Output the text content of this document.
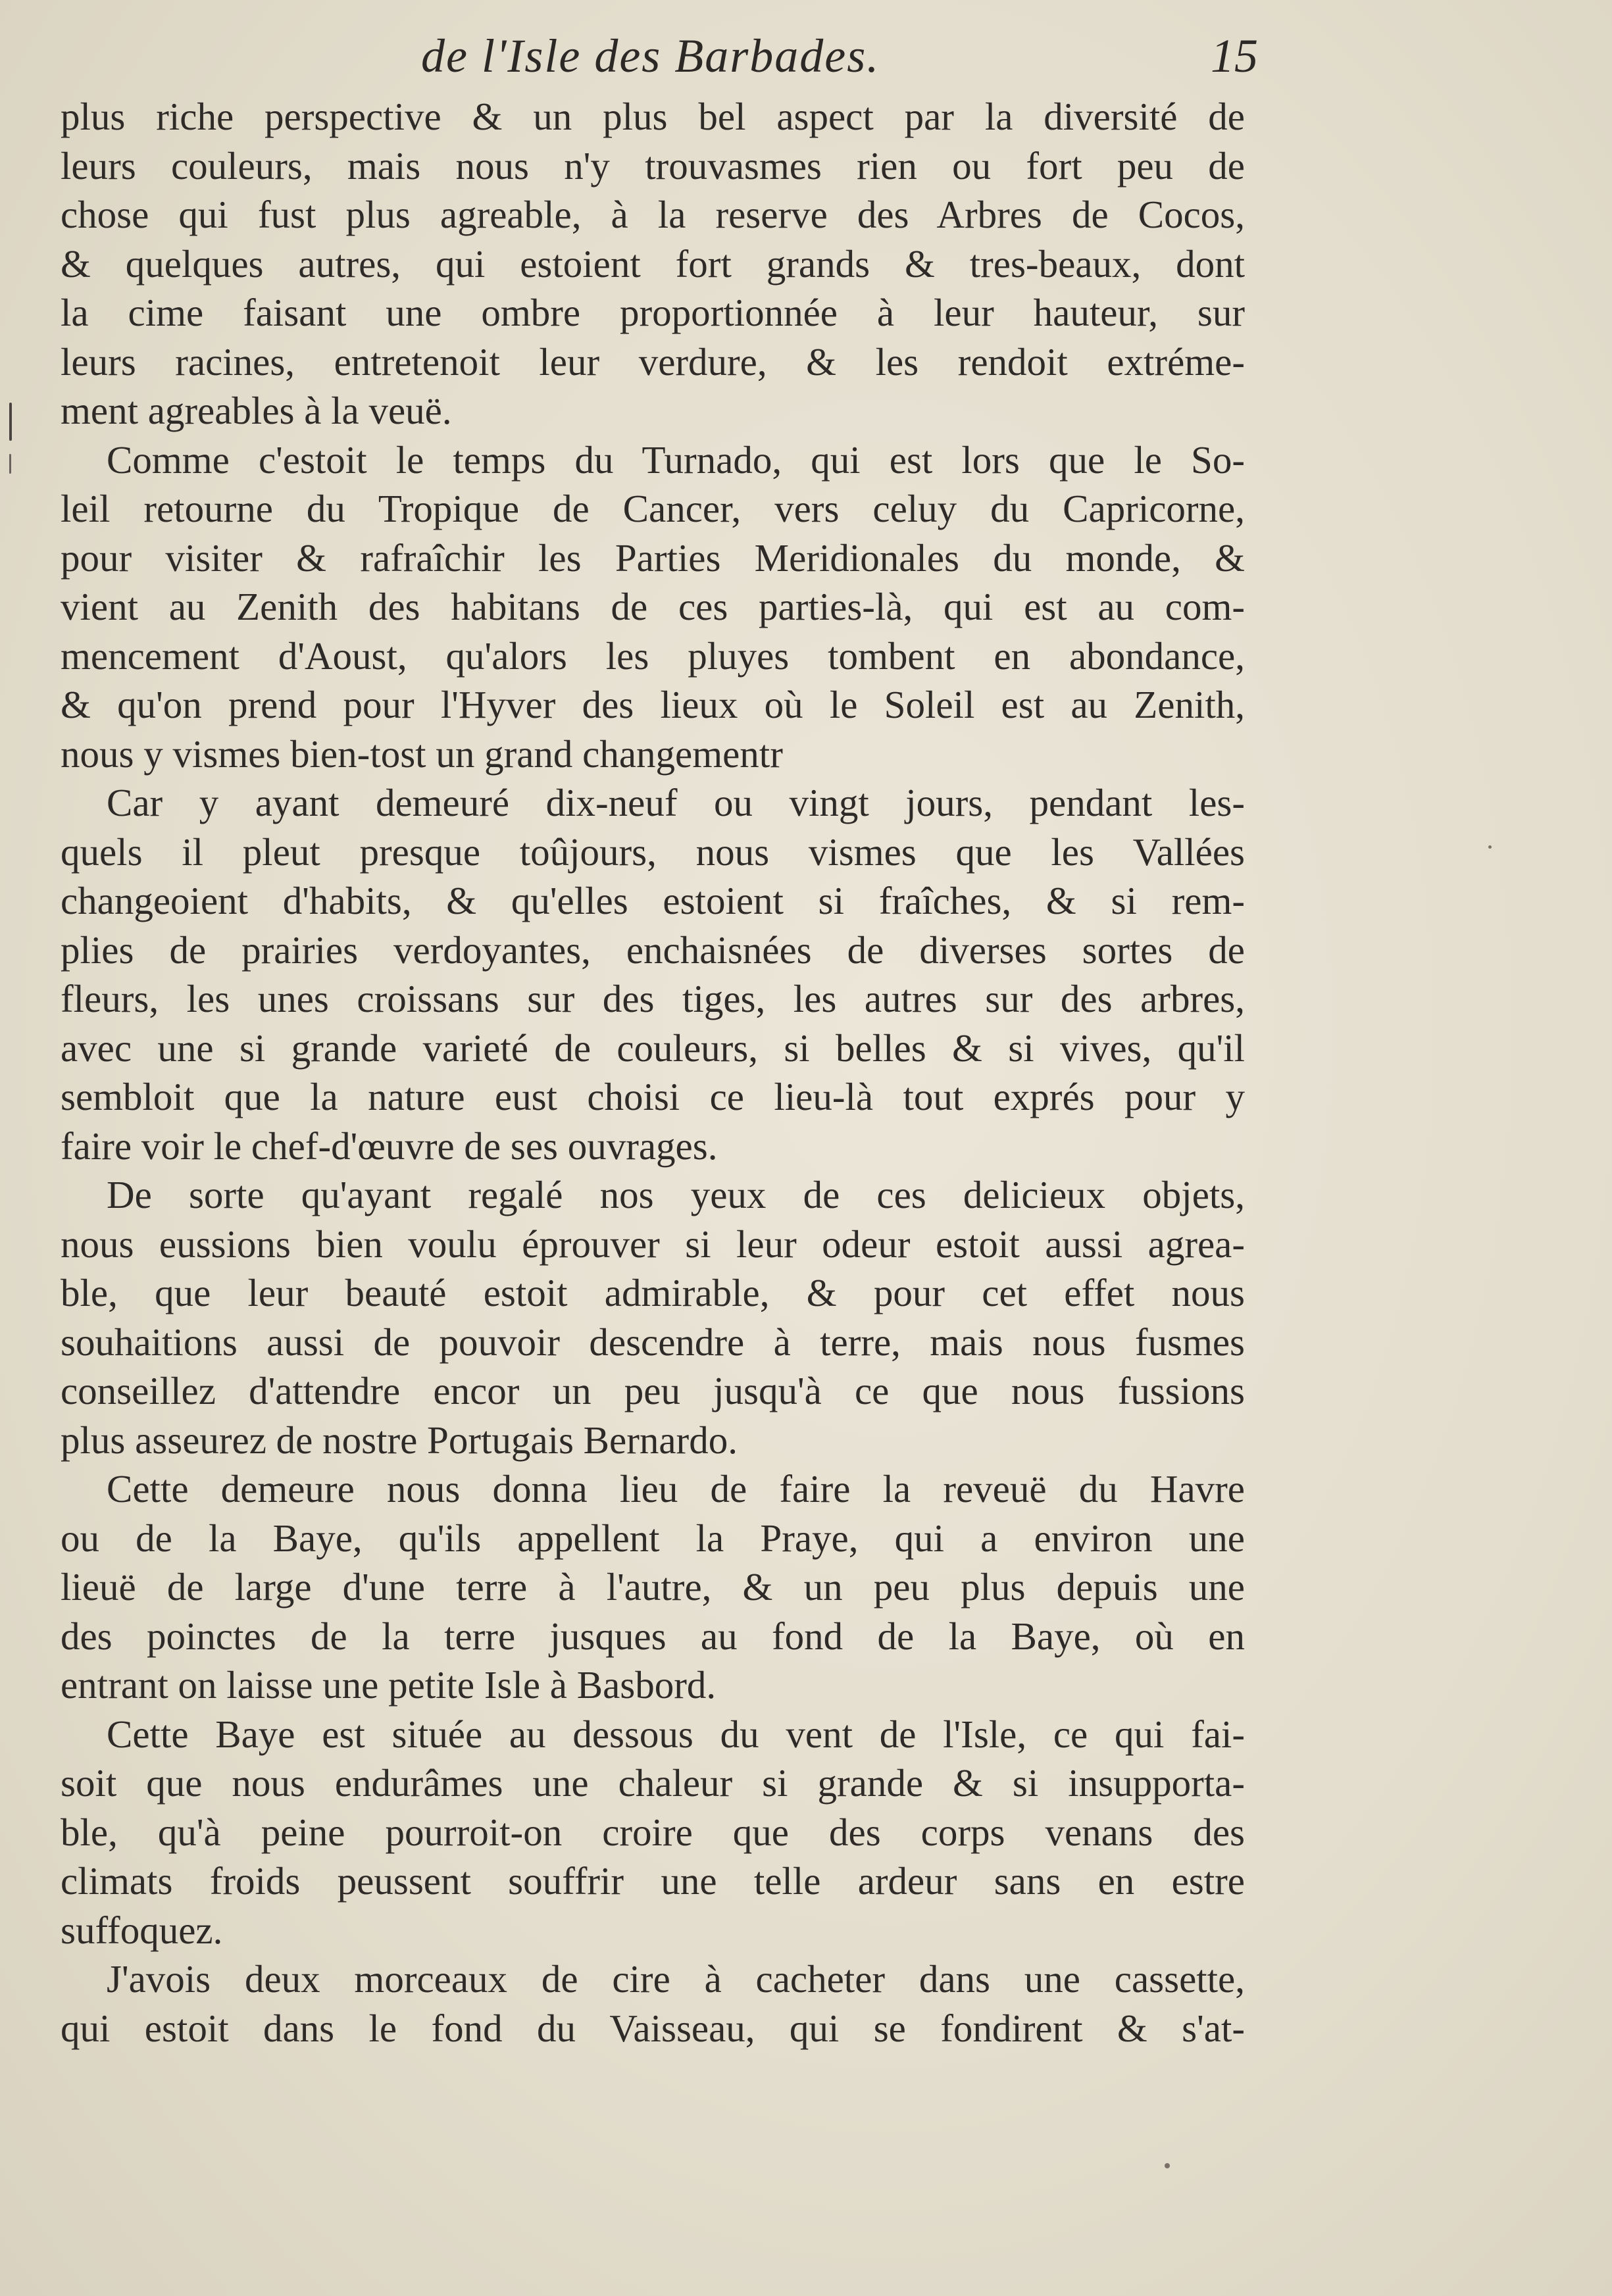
de l'Isle des Barbades.	15
plus riche perspective & un plus bel aspect par la diversité de
leurs couleurs, mais nous n'y trouvasmes rien ou fort peu de
chose qui fust plus agreable, à la reserve des Arbres de Cocos,
& quelques autres, qui estoient fort grands & tres-beaux, dont
la cime faisant une ombre proportionnée à leur hauteur, sur
leurs racines, entretenoit leur verdure, & les rendoit extréme-
ment agreables à la veuë.
Comme c'estoit le temps du Turnado, qui est lors que le So-
leil retourne du Tropique de Cancer, vers celuy du Capricorne,
pour visiter & rafraîchir les Parties Meridionales du monde, &
vient au Zenith des habitans de ces parties-là, qui est au com-
mencement d'Aoust, qu'alors les pluyes tombent en abondance,
& qu'on prend pour l'Hyver des lieux où le Soleil est au Zenith,
nous y vismes bien-tost un grand changementr
Car y ayant demeuré dix-neuf ou vingt jours, pendant les-
quels il pleut presque toûjours, nous vismes que les Vallées
changeoient d'habits, & qu'elles estoient si fraîches, & si rem-
plies de prairies verdoyantes, enchaisnées de diverses sortes de
fleurs, les unes croissans sur des tiges, les autres sur des arbres,
avec une si grande varieté de couleurs, si belles & si vives, qu'il
sembloit que la nature eust choisi ce lieu-là tout exprés pour y
faire voir le chef-d'œuvre de ses ouvrages.
De sorte qu'ayant regalé nos yeux de ces delicieux objets,
nous eussions bien voulu éprouver si leur odeur estoit aussi agrea-
ble, que leur beauté estoit admirable, & pour cet effet nous
souhaitions aussi de pouvoir descendre à terre, mais nous fusmes
conseillez d'attendre encor un peu jusqu'à ce que nous fussions
plus asseurez de nostre Portugais Bernardo.
Cette demeure nous donna lieu de faire la reveuë du Havre
ou de la Baye, qu'ils appellent la Praye, qui a environ une
lieuë de large d'une terre à l'autre, & un peu plus depuis une
des poinctes de la terre jusques au fond de la Baye, où en
entrant on laisse une petite Isle à Basbord.
Cette Baye est située au dessous du vent de l'Isle, ce qui fai-
soit que nous endurâmes une chaleur si grande & si insupporta-
ble, qu'à peine pourroit-on croire que des corps venans des
climats froids peussent souffrir une telle ardeur sans en estre
suffoquez.
J'avois deux morceaux de cire à cacheter dans une cassette,
qui estoit dans le fond du Vaisseau, qui se fondirent & s'at-
